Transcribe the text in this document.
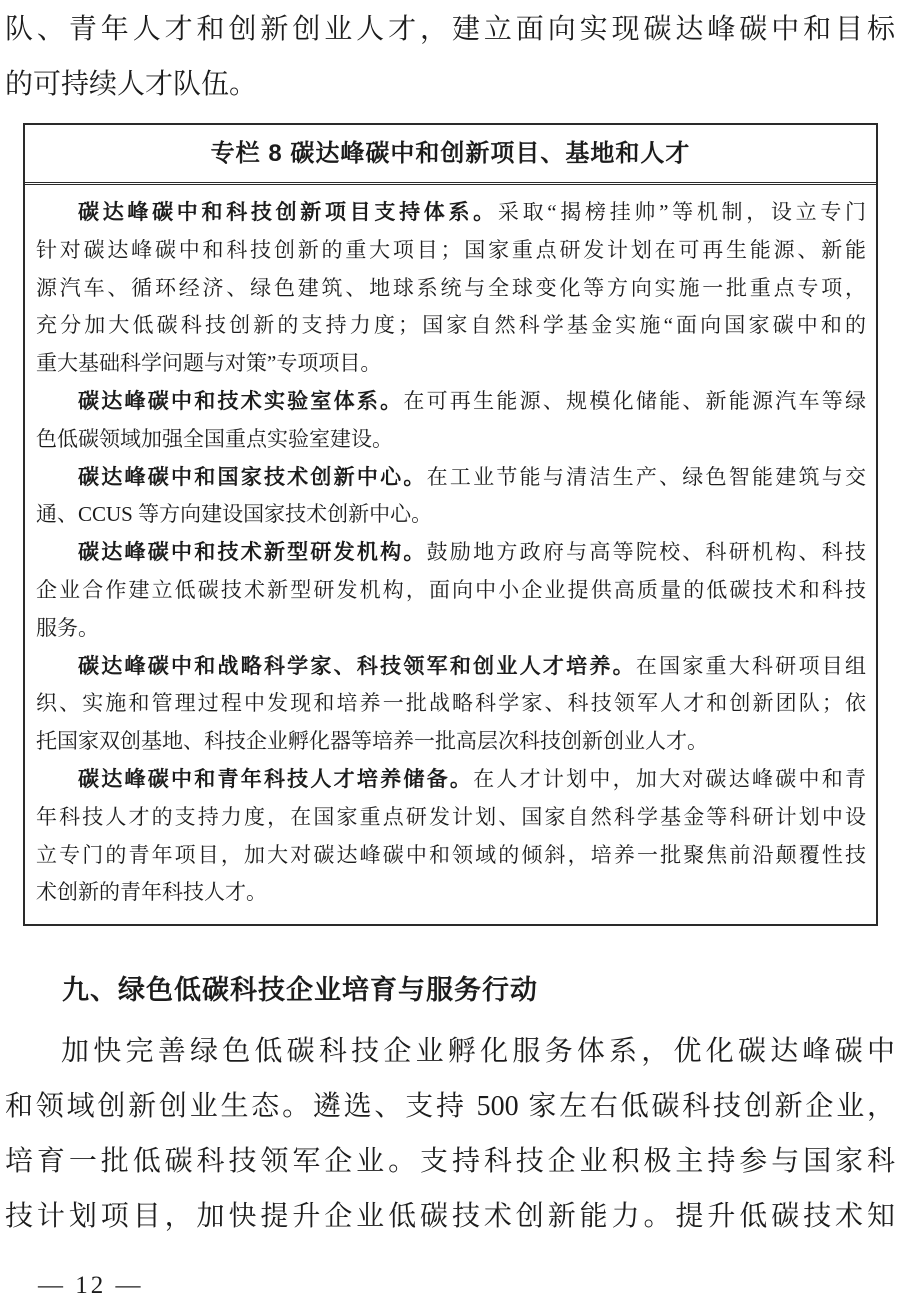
队、青年人才和创新创业人才，建立面向实现碳达峰碳中和目标
的可持续人才队伍。
专栏 8 碳达峰碳中和创新项目、基地和人才
碳达峰碳中和科技创新项目支持体系。采取“揭榜挂帅”等机制，设立专门
针对碳达峰碳中和科技创新的重大项目；国家重点研发计划在可再生能源、新能
源汽车、循环经济、绿色建筑、地球系统与全球变化等方向实施一批重点专项，
充分加大低碳科技创新的支持力度；国家自然科学基金实施“面向国家碳中和的
重大基础科学问题与对策”专项项目。
碳达峰碳中和技术实验室体系。在可再生能源、规模化储能、新能源汽车等绿
色低碳领域加强全国重点实验室建设。
碳达峰碳中和国家技术创新中心。在工业节能与清洁生产、绿色智能建筑与交
通、CCUS 等方向建设国家技术创新中心。
碳达峰碳中和技术新型研发机构。鼓励地方政府与高等院校、科研机构、科技
企业合作建立低碳技术新型研发机构，面向中小企业提供高质量的低碳技术和科技
服务。
碳达峰碳中和战略科学家、科技领军和创业人才培养。在国家重大科研项目组
织、实施和管理过程中发现和培养一批战略科学家、科技领军人才和创新团队；依
托国家双创基地、科技企业孵化器等培养一批高层次科技创新创业人才。
碳达峰碳中和青年科技人才培养储备。在人才计划中，加大对碳达峰碳中和青
年科技人才的支持力度，在国家重点研发计划、国家自然科学基金等科研计划中设
立专门的青年项目，加大对碳达峰碳中和领域的倾斜，培养一批聚焦前沿颠覆性技
术创新的青年科技人才。
九、绿色低碳科技企业培育与服务行动
加快完善绿色低碳科技企业孵化服务体系，优化碳达峰碳中
和领域创新创业生态。遴选、支持 500 家左右低碳科技创新企业，
培育一批低碳科技领军企业。支持科技企业积极主持参与国家科
技计划项目，加快提升企业低碳技术创新能力。提升低碳技术知
— 12 —
